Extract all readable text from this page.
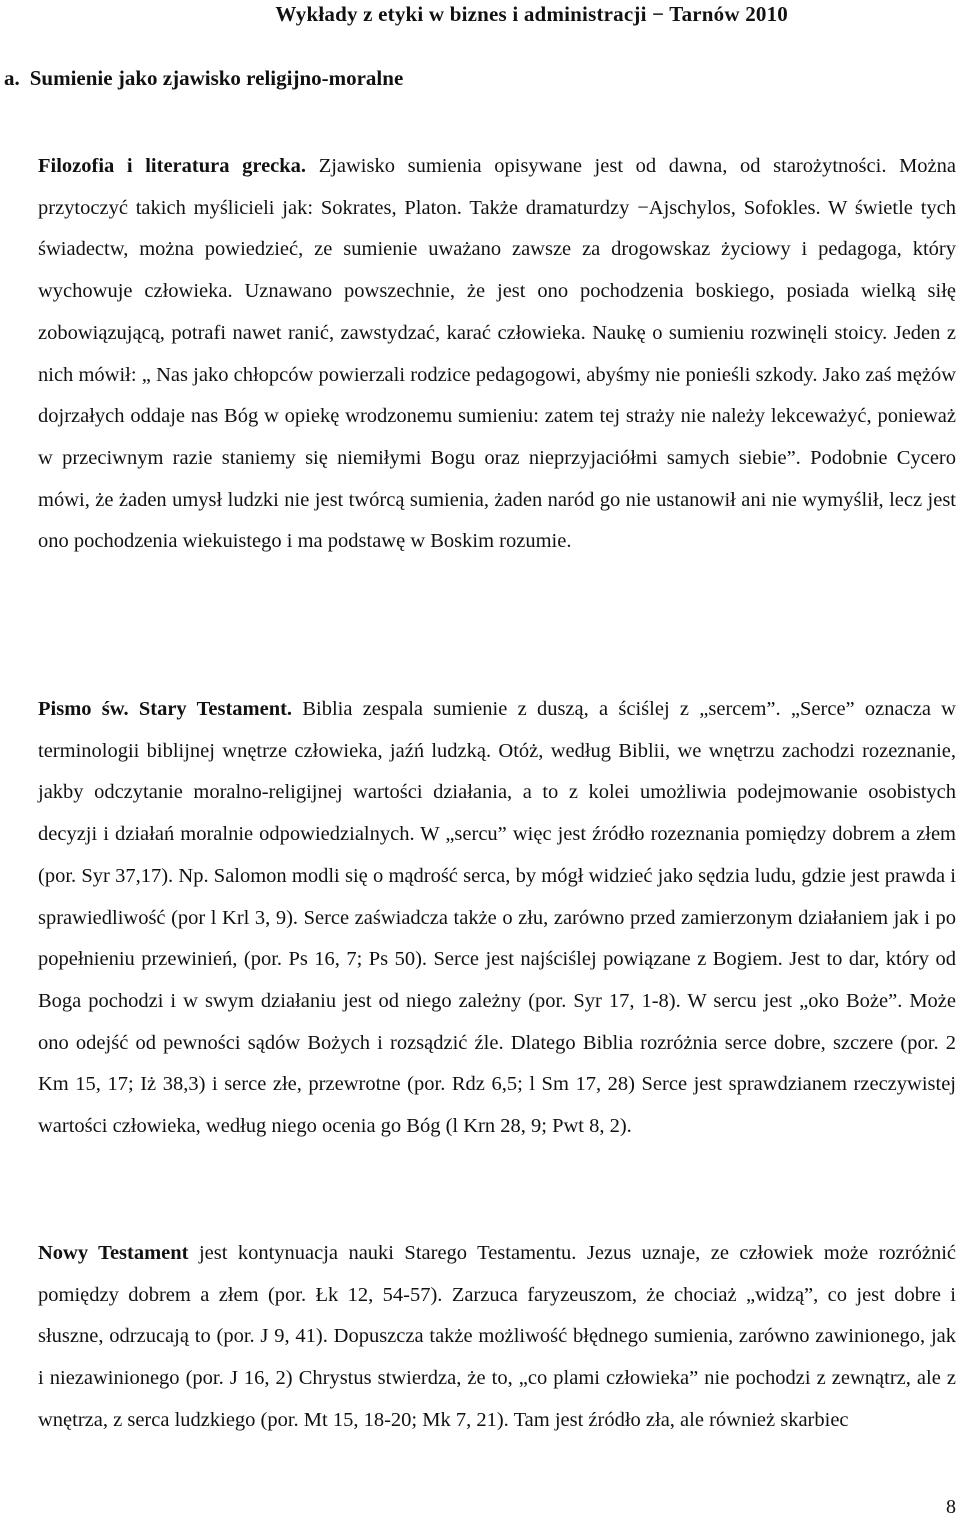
Wykłady z etyki w biznes i administracji − Tarnów 2010
a. Sumienie jako zjawisko religijno-moralne

Filozofia i literatura grecka. Zjawisko sumienia opisywane jest od dawna, od starożytności. Można przytoczyć takich myślicieli jak: Sokrates, Platon. Także dramaturdzy −Ajschylos, Sofokles. W świetle tych świadectw, można powiedzieć, ze sumienie uważano zawsze za drogowskaz życiowy i pedagoga, który wychowuje człowieka. Uznawano powszechnie, że jest ono pochodzenia boskiego, posiada wielką siłę zobowiązującą, potrafi nawet ranić, zawstydzać, karać człowieka. Naukę o sumieniu rozwinęli stoicy. Jeden z nich mówił: „ Nas jako chłopców powierzali rodzice pedagogowi, abyśmy nie ponieśli szkody. Jako zaś mężów dojrzałych oddaje nas Bóg w opiekę wrodzonemu sumieniu: zatem tej straży nie należy lekceważyć, ponieważ w przeciwnym razie staniemy się niemiłymi Bogu oraz nieprzyjaciółmi samych siebie”. Podobnie Cycero mówi, że żaden umysł ludzki nie jest twórcą sumienia, żaden naród go nie ustanowił ani nie wymyślił, lecz jest ono pochodzenia wiekuistego i ma podstawę w Boskim rozumie.

Pismo św. Stary Testament. Biblia zespala sumienie z duszą, a ściślej z „sercem”. „Serce” oznacza w terminologii biblijnej wnętrze człowieka, jaźń ludzką. Otóż, według Biblii, we wnętrzu zachodzi rozeznanie, jakby odczytanie moralno-religijnej wartości działania, a to z kolei umożliwia podejmowanie osobistych decyzji i działań moralnie odpowiedzialnych. W „sercu” więc jest źródło rozeznania pomiędzy dobrem a złem (por. Syr 37,17). Np. Salomon modli się o mądrość serca, by mógł widzieć jako sędzia ludu, gdzie jest prawda i sprawiedliwość (por l Krl 3, 9). Serce zaświadcza także o złu, zarówno przed zamierzonym działaniem jak i po popełnieniu przewinień, (por. Ps 16, 7; Ps 50). Serce jest najściślej powiązane z Bogiem. Jest to dar, który od Boga pochodzi i w swym działaniu jest od niego zależny (por. Syr 17, 1-8). W sercu jest „oko Boże”. Może ono odejść od pewności sądów Bożych i rozsądzić źle. Dlatego Biblia rozróżnia serce dobre, szczere (por. 2 Km 15, 17; Iż 38,3) i serce złe, przewrotne (por. Rdz 6,5; l Sm 17, 28) Serce jest sprawdzianem rzeczywistej wartości człowieka, według niego ocenia go Bóg (l Krn 28, 9; Pwt 8, 2).

Nowy Testament jest kontynuacja nauki Starego Testamentu. Jezus uznaje, ze człowiek może rozróżnić pomiędzy dobrem a złem (por. Łk 12, 54-57). Zarzuca faryzeuszom, że chociaż „widzą”, co jest dobre i słuszne, odrzucają to (por. J 9, 41). Dopuszcza także możliwość błędnego sumienia, zarówno zawinionego, jak i niezawinionego (por. J 16, 2) Chrystus stwierdza, że to, „co plami człowieka” nie pochodzi z zewnątrz, ale z wnętrza, z serca ludzkiego (por. Mt 15, 18-20; Mk 7, 21). Tam jest źródło zła, ale również skarbiec

8
